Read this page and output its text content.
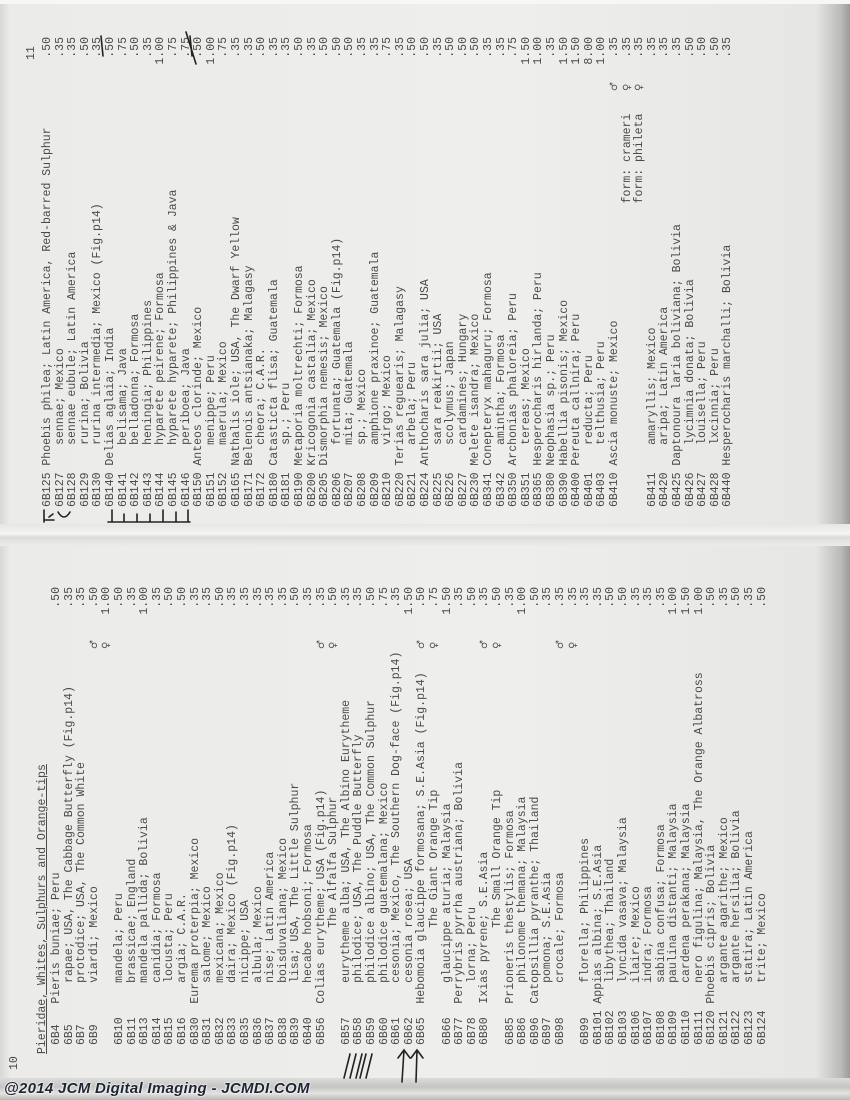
10
Pieridae, Whites, Sulphurs and Orange-tips 6B4
Pieris buniae; Peru
.50
6B5
rapae; USA, The Cabbage Butterfly (Fig.p14)
.35
6B7
protodice; USA, The Common White
.35
6B9
viardi; Mexico
♂
.50
♀
1.00
6B10
mandela; Peru
.50
6B11
brassicae; England
.35
6B13
mandela pallida; Bolivia
1.00
6B14
canidia; Formosa
.35
6B15
locusta; Peru
.50
6B16
argia; C.A.R.
.50
6B30
Eurema proterpia; Mexico
.35
6B31
salome; Mexico
.35
6B32
mexicana; Mexico
.50
6B33
daira; Mexico (Fig.p14)
.35
6B35
nicippe; USA
.35
6B36
albula; Mexico
.35
6B37
nise; Latin America
.35
6B38
boisduvaliana; Mexico
.35
6B39
lisa; USA, The Little Sulphur
.50
6B40
hecabe hobsoni; Formosa
.35
6B56
Colias eurytheme; USA (Fig.p14)
♂
.35
The Alfalfa Sulphur
♀
.50
6B57
eurytheme alba; USA, The Albino Eurytheme
.35
6B58
philodice; USA, The Puddle Butterfly
.35
6B59
philodice albino; USA, The Common Sulphur
.50
6B60
philodice guatemalana; Mexico
.75
6B61
cesonia; Mexico, The Southern Dog-face (Fig.p14)
.35
6B62
cesonia rosea; USA
1.50
6B65
Hebomoia glaucippe formosana; S.E.Asia (Fig.p14)
♂
.50
The Giant Orange Tip
♀
.75
6B66
glaucippe aturia; Malaysia
1.50
6B77
Perrybris pyrrha austriana; Bolivia
.35
6B78
lorna; Peru
.50
6B80
Ixias pyrene; S.E.Asia
♂
.35
The Small Orange Tip
♀
.50
6B85
Prioneris thestylis; Formosa
.35
6B86
philonome themana; Malaysia
1.00
6B96
Catopsillia pyranthe; Thailand
.50
6B97
pomona; S.E.Asia
.35
6B98
crocale; Formosa
♂
.35
♀
.35
6B99
florella; Philippines
.35
6B101
Appias albina; S.E.Asia
.35
6B102
libythea; Thailand
.50
6B103
lyncida vasava; Malaysia
.50
6B106
ilaire; Mexico
.35
6B107
indra; Formosa
.35
6B108
sabina confusa; Formosa
.35
6B109
paulina distanti; Malaysia
1.00
6B110
cardena perakana; Malaysia
1.50
6B111
nero figulina; Malaysia, The Orange Albatross
1.00
6B120
Phoebis cipris; Bolivia
.50
6B121
argante agarithe; Mexico
.35
6B122
argante hersilia; Bolivia
.50
6B123
statira; Latin America
.35
6B124
trite; Mexico
.50
11
6B125
Phoebis philea; Latin America, Red-barred Sulphur
.50
6B127
sennae; Mexico
.35
6B128
sennae eubule; Latin America
.35
6B129
rurina; Bolivia
.50
6B130
rurina intermedia; Mexico (Fig.p14)
.35
6B140
Delias aglaia; India
.50
6B141
belisama; Java
.75
6B142
belladonna; Formosa
.50
6B143
heningia; Philippines
.35
6B144
hyparete peirene; Formosa
1.00
6B145
hyparete hyparete; Philippines & Java
.75
6B146
periboea; Java
.75
6B150
Anteos clorinde; Mexico
.50
6B151
menippe; Peru
1.00
6B152
maerula; Mexico
.75
6B165
Nathalis iole; USA, The Dwarf Yellow
.35
6B171
Belenois antsianaka; Malagasy
.35
6B172
cheora; C.A.R.
.50
6B180
Catasticta flisa; Guatemala
.35
6B181
sp.; Peru
.35
6B190
Metaporia moltrechti; Formosa
.50
6B200
Kricogonia castalia; Mexico
.35
6B205
Dismorphia nemesis; Mexico
.50
6B206
fortunata; Guatemala (Fig.p14)
.50
6B207
mita; Guatemala
.50
6B208
sp.; Mexico
.35
6B209
amphione praxinoe; Guatemala
.35
6B210
virgo; Mexico
.75
6B220
Terias reguearis; Malagasy
.35
6B221
arbela; Peru
.50
6B224
Anthocharis sara julia; USA
.50
6B225
sara reakirtii; USA
.35
6B226
scolymus; Japan
.50
6B227
cardamines; Hungary
.50
6B230
Melete isandra; Mexico
.50
6B341
Conepteryx mahaguru; Formosa
.35
6B342
amintha; Formosa
.35
6B350
Archonias phaloreia; Peru
.75
6B351
tereas; Mexico
1.50
6B365
Hesperocharis hirlanda; Peru
1.00
6B380
Neophasia sp.; Peru
.35
6B390
Habellia pisonis; Mexico
1.50
6B400
Pereuta callnira; Peru
1.50
6B401
reducta; Peru
8.00
6B403
telthusia; Peru
1.00
6B410
Ascia monuste; Mexico
♂
.35
form: crameri
♀
.35
form: phileta
♀
.35
6B411
amaryllis; Mexico
.35
6B420
aripa; Latin America
.35
6B425
Daptonoura laria boliviana; Bolivia
.35
6B426
lycimnia donata; Bolivia
.50
6B427
louisella; Peru
.50
6B428
lxcinnia; Peru
.50
6B440
Hesperocharis marchalli; Bolivia
.35
@2014 JCM Digital Imaging - JCMDI.COM
